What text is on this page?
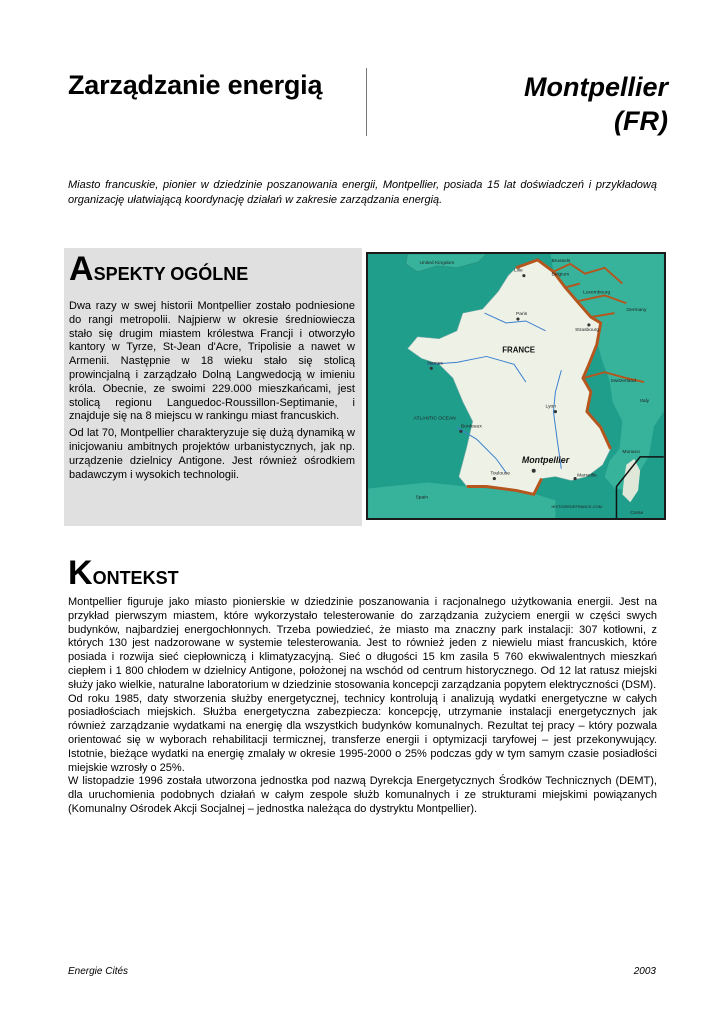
Zarządzanie energią	Montpellier
(FR)

Miasto francuskie, pionier w dziedzinie poszanowania energii, Montpellier, posiada 15 lat doświadczeń i przykładową organizację ułatwiającą koordynację działań w zakresie zarządzania energią.

ASPEKTY OGÓLNE

Dwa razy w swej historii Montpellier zostało podniesione do rangi metropolii. Najpierw w okresie średniowiecza stało się drugim miastem królestwa Francji i otworzyło kantory w Tyrze, St-Jean d'Acre, Tripolisie a nawet w Armenii. Następnie w 18 wieku stało się stolicą prowincjalną i zarządzało Dolną Langwedocją w imieniu króla. Obecnie, ze swoimi 229.000 mieszkańcami, jest stolicą regionu Languedoc-Roussillon-Septimanie, i znajduje się na 8 miejscu w rankingu miast francuskich.

Od lat 70, Montpellier charakteryzuje się dużą dynamiką w inicjowaniu ambitnych projektów urbanistycznych, jak np. urządzenie dzielnicy Antigone. Jest również ośrodkiem badawczym i wysokich technologii.

United Kingdom	Brussels
Belgium
Luxembourg
Germany
Switzerland
Italy
Spain
Corse
Lille
Paris
Strasbourg
Nantes
Lyon
Bordeaux
Toulouse	Marseille
Monaco
ATLANTIC OCEAN
HISTOIREDEFRANCE.COM
FRANCE
Montpellier
KONTEKST

Montpellier figuruje jako miasto pionierskie w dziedzinie poszanowania i racjonalnego użytkowania energii. Jest na przykład pierwszym miastem, które wykorzystało telesterowanie do zarządzania zużyciem energii w części swych budynków, najbardziej energochłonnych. Trzeba powiedzieć, że miasto ma znaczny park instalacji: 307 kotłowni, z których 130 jest nadzorowane w systemie telesterowania. Jest to również jeden z niewielu miast francuskich, które posiada i rozwija sieć ciepłowniczą i klimatyzacyjną. Sieć o długości 15 km zasila 5 760 ekwiwalentnych mieszkań ciepłem i 1 800 chłodem w dzielnicy Antigone, położonej na wschód od centrum historycznego. Od 12 lat ratusz miejski służy jako wielkie, naturalne laboratorium w dziedzinie stosowania koncepcji zarządzania popytem elektryczności (DSM).

Od roku 1985, daty stworzenia służby energetycznej, technicy kontrolują i analizują wydatki energetyczne w całych posiadłościach miejskich. Służba energetyczna zabezpiecza: koncepcję, utrzymanie instalacji energetycznych jak również zarządzanie wydatkami na energię dla wszystkich budynków komunalnych. Rezultat tej pracy – który pozwala orientować się w wyborach rehabilitacji termicznej, transferze energii i optymizacji taryfowej – jest przekonywujący. Istotnie, bieżące wydatki na energię zmalały w okresie 1995-2000 o 25% podczas gdy w tym samym czasie posiadłości miejskie wzrosły o 25%.

W listopadzie 1996 została utworzona jednostka pod nazwą Dyrekcja Energetycznych Środków Technicznych (DEMT), dla uruchomienia podobnych działań w całym zespole służb komunalnych i ze strukturami miejskimi powiązanych (Komunalny Ośrodek Akcji Socjalnej – jednostka należąca do dystryktu Montpellier).

Energie Cités	2003
